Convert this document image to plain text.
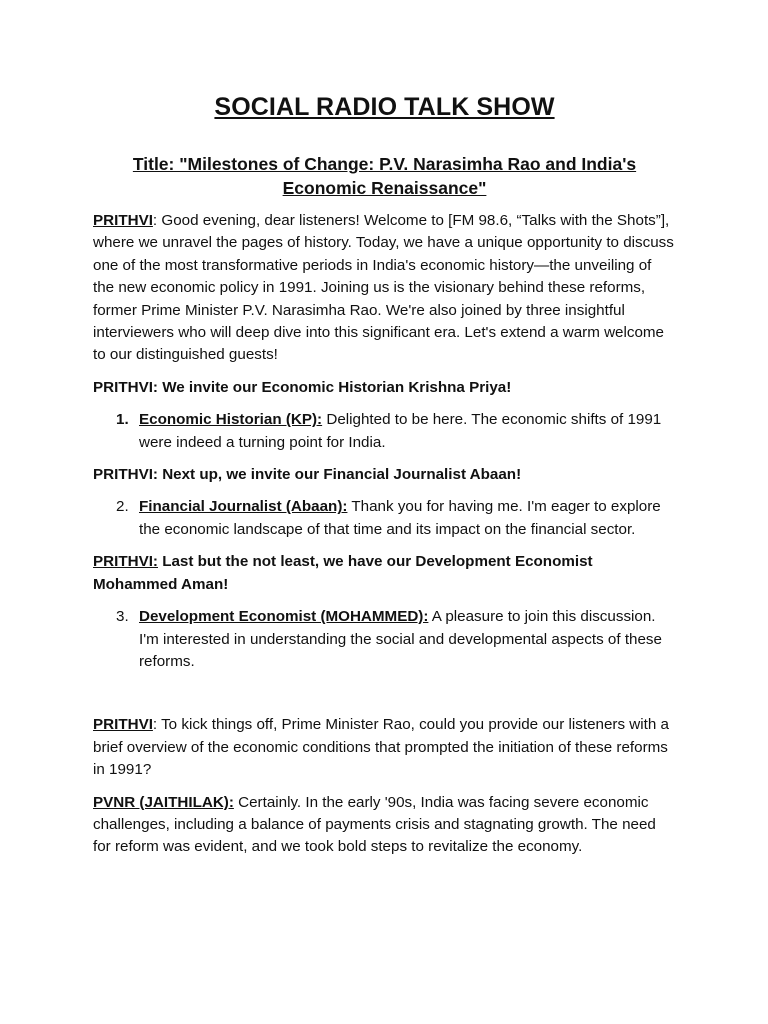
SOCIAL RADIO TALK SHOW
Title: "Milestones of Change: P.V. Narasimha Rao and India's Economic Renaissance"

PRITHVI: Good evening, dear listeners! Welcome to [FM 98.6, “Talks with the Shots”], where we unravel the pages of history. Today, we have a unique opportunity to discuss one of the most transformative periods in India's economic history—the unveiling of the new economic policy in 1991. Joining us is the visionary behind these reforms, former Prime Minister P.V. Narasimha Rao. We're also joined by three insightful interviewers who will deep dive into this significant era. Let's extend a warm welcome to our distinguished guests!

PRITHVI: We invite our Economic Historian Krishna Priya!

1. Economic Historian (KP): Delighted to be here. The economic shifts of 1991 were indeed a turning point for India.

PRITHVI: Next up, we invite our Financial Journalist Abaan!

2. Financial Journalist (Abaan): Thank you for having me. I'm eager to explore the economic landscape of that time and its impact on the financial sector.

PRITHVI: Last but the not least, we have our Development Economist Mohammed Aman!

3. Development Economist (MOHAMMED): A pleasure to join this discussion. I'm interested in understanding the social and developmental aspects of these reforms.

PRITHVI: To kick things off, Prime Minister Rao, could you provide our listeners with a brief overview of the economic conditions that prompted the initiation of these reforms in 1991?

PVNR (JAITHILAK): Certainly. In the early '90s, India was facing severe economic challenges, including a balance of payments crisis and stagnating growth. The need for reform was evident, and we took bold steps to revitalize the economy.
